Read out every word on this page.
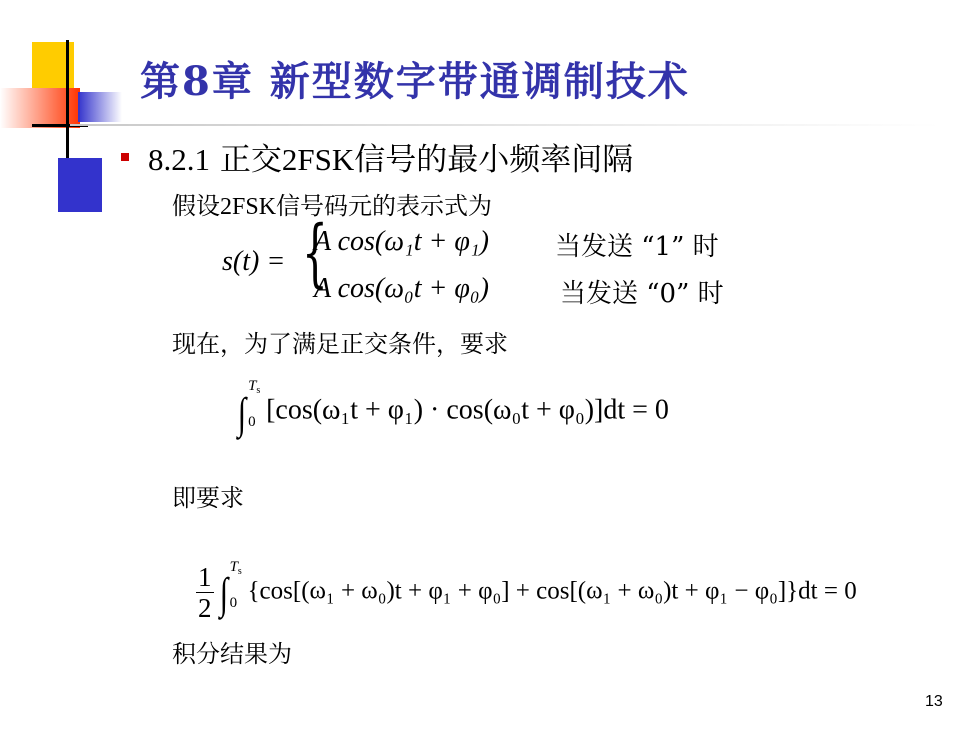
第8章 新型数字带通调制技术
8.2.1 正交2FSK信号的最小频率间隔
假设2FSK信号码元的表示式为
s(t) = {
A cos(ω₁t + φ₁)
A cos(ω₀t + φ₀)
当发送 “1” 时
当发送 “0” 时
现在，为了满足正交条件，要求
∫
$T_s$
0 [cos(ω₁t + φ₁) · cos(ω₀t + φ₀)]dt = 0
即要求
$\frac{1}{2}$ ∫
$T_s$
0 {cos[(ω₁ + ω₀)t + φ₁ + φ₀] + cos[(ω₁ + ω₀)t + φ₁ − φ₀]}dt = 0
积分结果为
13
